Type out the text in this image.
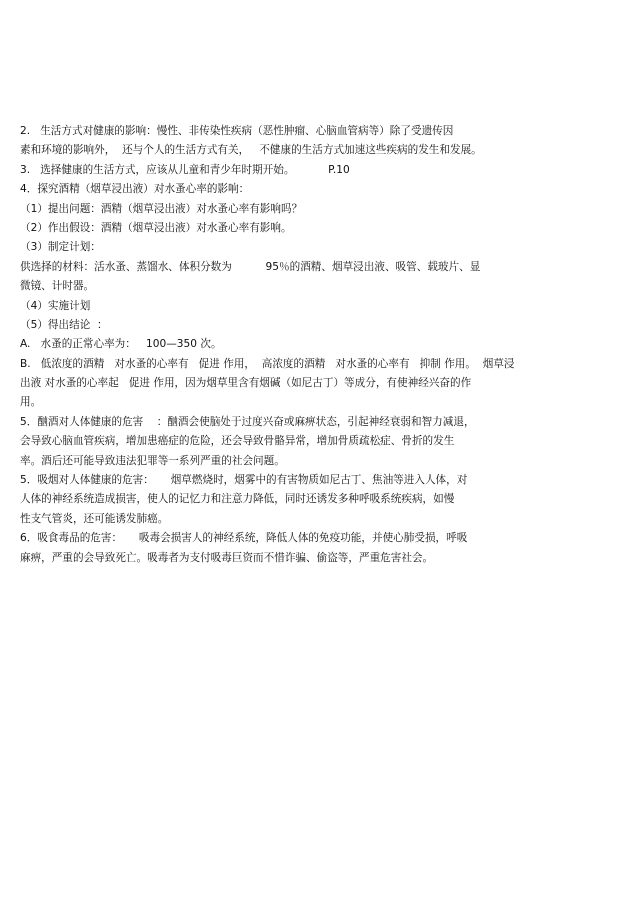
2.   生活方式对健康的影响：慢性、非传染性疾病（恶性肿瘤、心脑血管病等）除了受遗传因
素和环境的影响外，  还与个人的生活方式有关，   不健康的生活方式加速这些疾病的发生和发展。
3.   选择健康的生活方式，应该从儿童和青少年时期开始。          P.10
4．探究酒精（烟草浸出液）对水蚤心率的影响：
（1）提出问题：酒精（烟草浸出液）对水蚤心率有影响吗？
（2）作出假设：酒精（烟草浸出液）对水蚤心率有影响。
（3）制定计划：
供选择的材料：活水蚤、蒸馏水、体积分数为          95％的酒精、烟草浸出液、吸管、载玻片、显
微镜、计时器。
（4）实施计划
（5）得出结论  ：
A.   水蚤的正常心率为：   100—350 次。
B.   低浓度的酒精   对水蚤的心率有   促进 作用，  高浓度的酒精   对水蚤的心率有   抑制 作用。  烟草浸
出液 对水蚤的心率起   促进 作用，因为烟草里含有烟碱（如尼古丁）等成分，有使神经兴奋的作
用。
5．酗酒对人体健康的危害    ：酗酒会使脑处于过度兴奋或麻痹状态，引起神经衰弱和智力减退，
会导致心脑血管疾病，增加患癌症的危险，还会导致骨骼异常，增加骨质疏松症、骨折的发生
率。酒后还可能导致违法犯罪等一系列严重的社会问题。
5．吸烟对人体健康的危害：     烟草燃烧时，烟雾中的有害物质如尼古丁、焦油等进入人体，对
人体的神经系统造成损害，使人的记忆力和注意力降低，同时还诱发多种呼吸系统疾病，如慢
性支气管炎，还可能诱发肺癌。
6．吸食毒品的危害：     吸毒会损害人的神经系统，降低人体的免疫功能，并使心肺受损，呼吸
麻痹，严重的会导致死亡。吸毒者为支付吸毒巨资而不惜诈骗、偷盗等，严重危害社会。
